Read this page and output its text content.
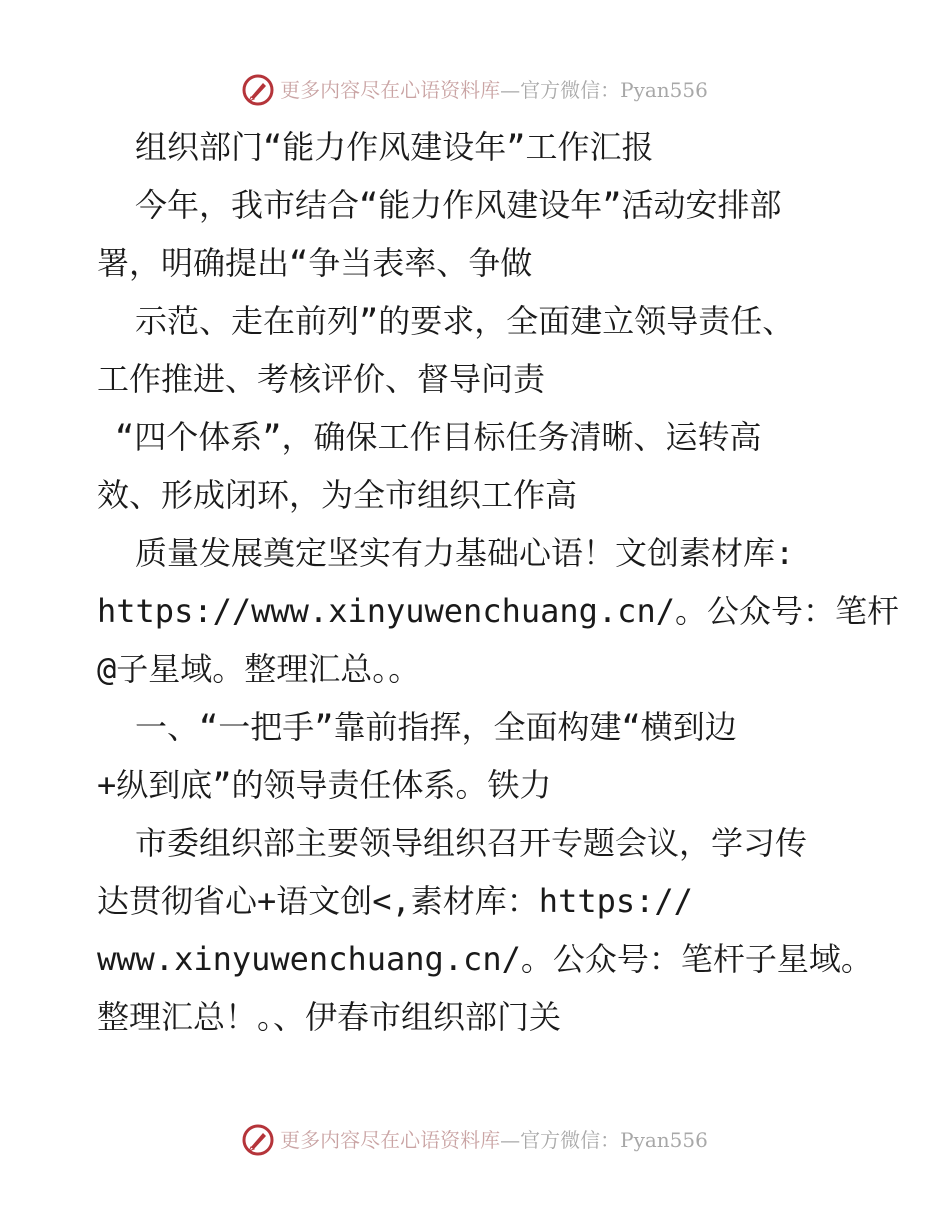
更多内容尽在心语资料库—官方微信：Pyan556
组织部门“能力作风建设年”工作汇报
今年，我市结合“能力作风建设年”活动安排部
署，明确提出“争当表率、争做
示范、走在前列”的要求，全面建立领导责任、
工作推进、考核评价、督导问责
“四个体系”，确保工作目标任务清晰、运转高
效、形成闭环，为全市组织工作高
质量发展奠定坚实有力基础心语！文创素材库:
https://www.xinyuwenchuang.cn/。公众号：笔杆
@子星域。整理汇总。。
一、“一把手”靠前指挥，全面构建“横到边
+纵到底”的领导责任体系。铁力
市委组织部主要领导组织召开专题会议，学习传
达贯彻省心+语文创<,素材库：https://
www.xinyuwenchuang.cn/。公众号：笔杆子星域。
整理汇总！。、伊春市组织部门关
更多内容尽在心语资料库—官方微信：Pyan556
